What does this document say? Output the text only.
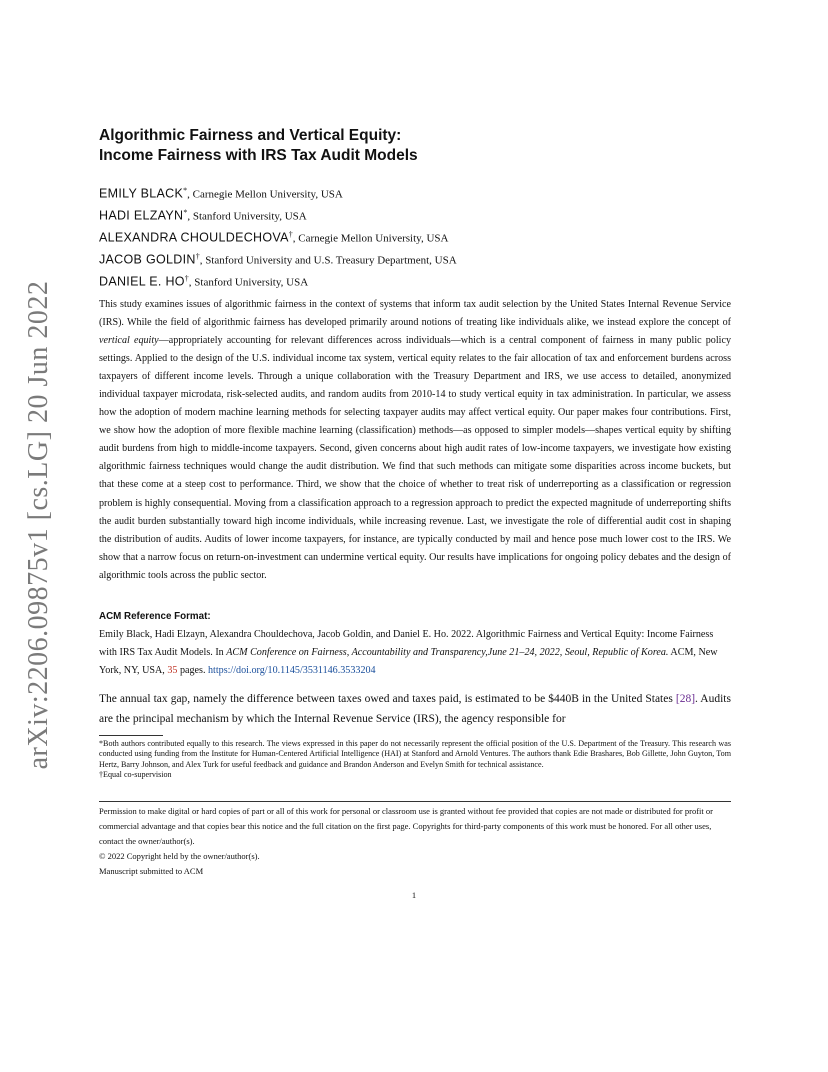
arXiv:2206.09875v1 [cs.LG] 20 Jun 2022
Algorithmic Fairness and Vertical Equity:
Income Fairness with IRS Tax Audit Models
EMILY BLACK*, Carnegie Mellon University, USA
HADI ELZAYN*, Stanford University, USA
ALEXANDRA CHOULDECHOVA†, Carnegie Mellon University, USA
JACOB GOLDIN†, Stanford University and U.S. Treasury Department, USA
DANIEL E. HO†, Stanford University, USA
This study examines issues of algorithmic fairness in the context of systems that inform tax audit selection by the United States Internal Revenue Service (IRS). While the field of algorithmic fairness has developed primarily around notions of treating like individuals alike, we instead explore the concept of vertical equity—appropriately accounting for relevant differences across individuals—which is a central component of fairness in many public policy settings. Applied to the design of the U.S. individual income tax system, vertical equity relates to the fair allocation of tax and enforcement burdens across taxpayers of different income levels. Through a unique collaboration with the Treasury Department and IRS, we use access to detailed, anonymized individual taxpayer microdata, risk-selected audits, and random audits from 2010-14 to study vertical equity in tax administration. In particular, we assess how the adoption of modern machine learning methods for selecting taxpayer audits may affect vertical equity. Our paper makes four contributions. First, we show how the adoption of more flexible machine learning (classification) methods—as opposed to simpler models—shapes vertical equity by shifting audit burdens from high to middle-income taxpayers. Second, given concerns about high audit rates of low-income taxpayers, we investigate how existing algorithmic fairness techniques would change the audit distribution. We find that such methods can mitigate some disparities across income buckets, but that these come at a steep cost to performance. Third, we show that the choice of whether to treat risk of underreporting as a classification or regression problem is highly consequential. Moving from a classification approach to a regression approach to predict the expected magnitude of underreporting shifts the audit burden substantially toward high income individuals, while increasing revenue. Last, we investigate the role of differential audit cost in shaping the distribution of audits. Audits of lower income taxpayers, for instance, are typically conducted by mail and hence pose much lower cost to the IRS. We show that a narrow focus on return-on-investment can undermine vertical equity. Our results have implications for ongoing policy debates and the design of algorithmic tools across the public sector.
ACM Reference Format:
Emily Black, Hadi Elzayn, Alexandra Chouldechova, Jacob Goldin, and Daniel E. Ho. 2022. Algorithmic Fairness and Vertical Equity: Income Fairness with IRS Tax Audit Models. In ACM Conference on Fairness, Accountability and Transparency,June 21–24, 2022, Seoul, Republic of Korea. ACM, New York, NY, USA, 35 pages. https://doi.org/10.1145/3531146.3533204
The annual tax gap, namely the difference between taxes owed and taxes paid, is estimated to be $440B in the United States [28]. Audits are the principal mechanism by which the Internal Revenue Service (IRS), the agency responsible for

*Both authors contributed equally to this research. The views expressed in this paper do not necessarily represent the official position of the U.S. Department of the Treasury. This research was conducted using funding from the Institute for Human-Centered Artificial Intelligence (HAI) at Stanford and Arnold Ventures. The authors thank Edie Brashares, Bob Gillette, John Guyton, Tom Hertz, Barry Johnson, and Alex Turk for useful feedback and guidance and Brandon Anderson and Evelyn Smith for technical assistance.

†Equal co-supervision

Permission to make digital or hard copies of part or all of this work for personal or classroom use is granted without fee provided that copies are not made or distributed for profit or commercial advantage and that copies bear this notice and the full citation on the first page. Copyrights for third-party components of this work must be honored. For all other uses, contact the owner/author(s).

© 2022 Copyright held by the owner/author(s).

Manuscript submitted to ACM

1
